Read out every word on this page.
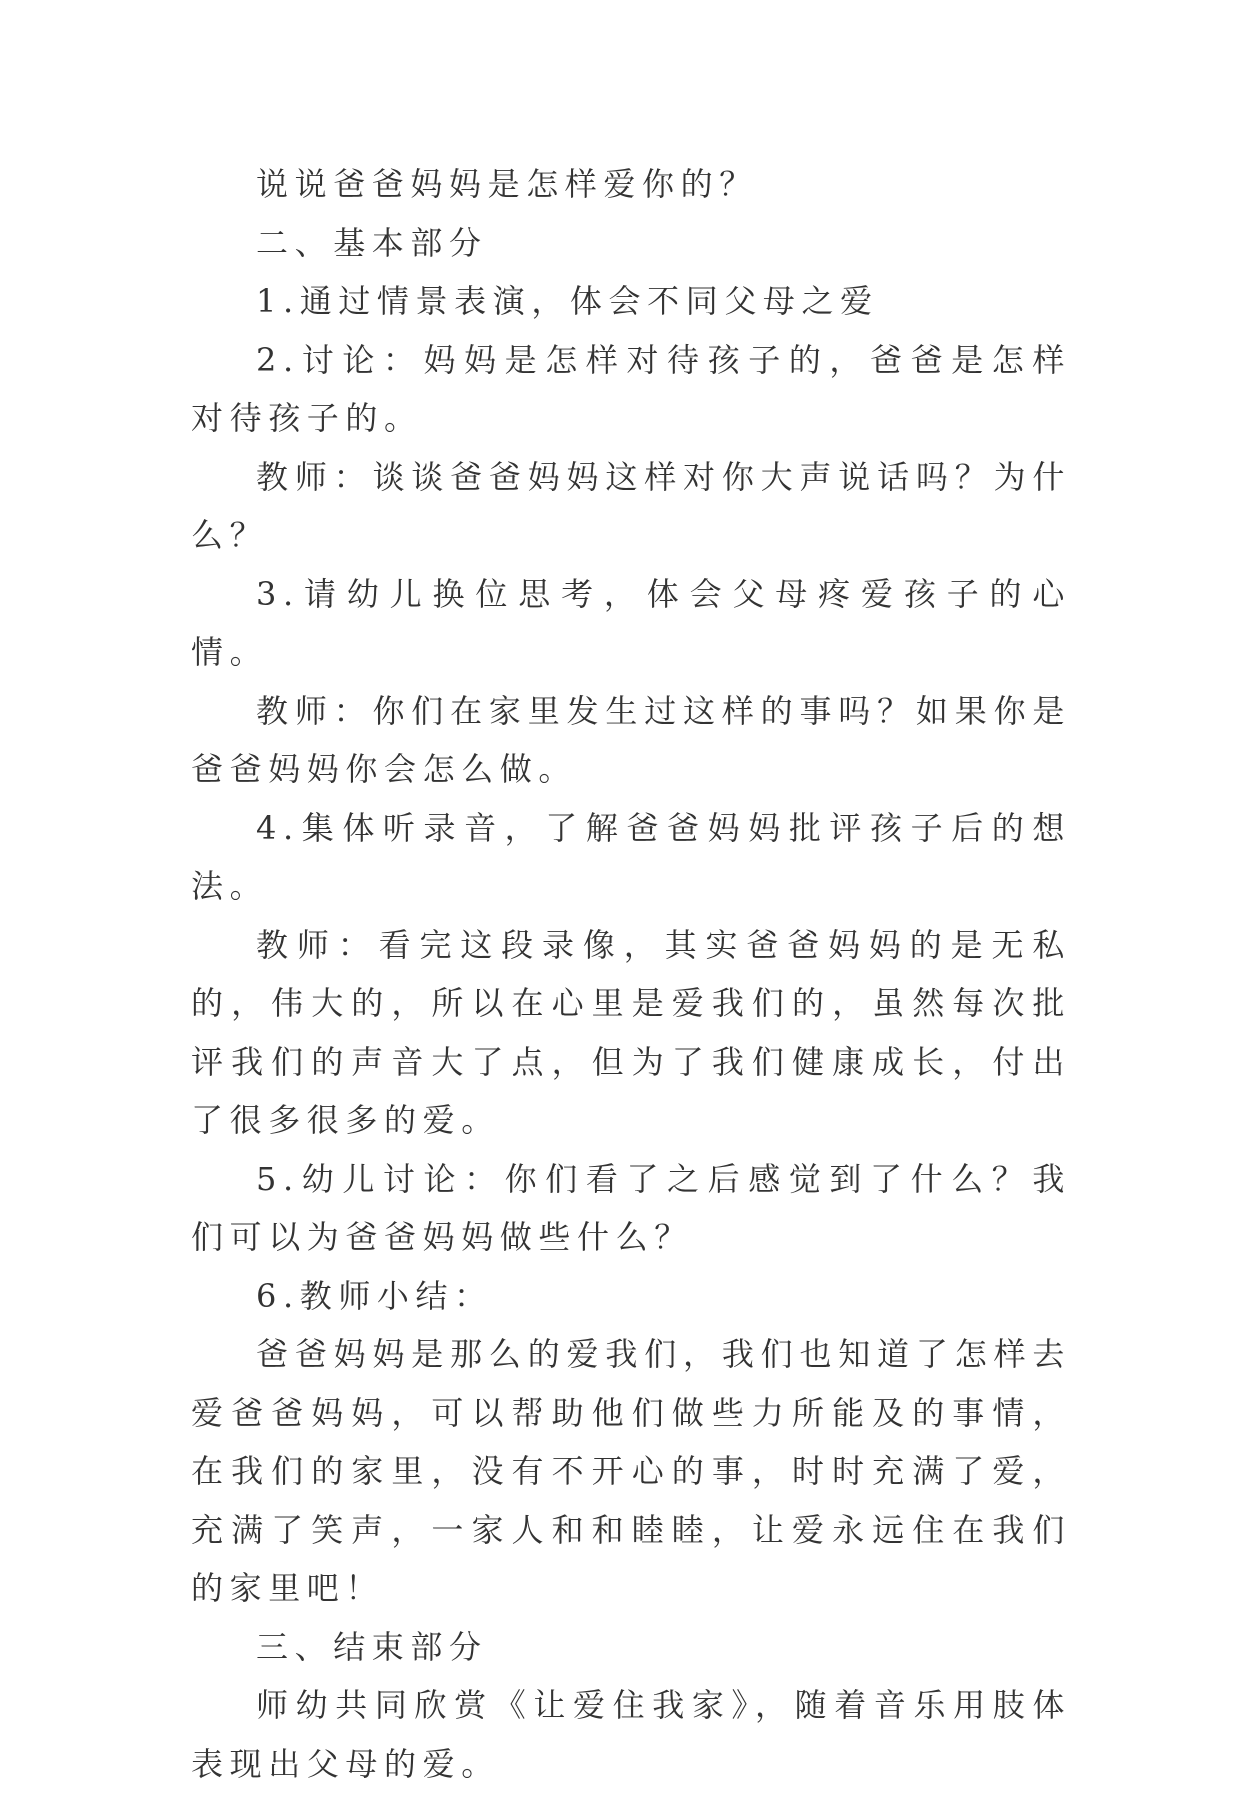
说说爸爸妈妈是怎样爱你的？

二、基本部分

1.通过情景表演，体会不同父母之爱

2.讨论：妈妈是怎样对待孩子的，爸爸是怎样对待孩子的。

教师：谈谈爸爸妈妈这样对你大声说话吗？为什么？

3.请幼儿换位思考，体会父母疼爱孩子的心情。

教师：你们在家里发生过这样的事吗？如果你是爸爸妈妈你会怎么做。

4.集体听录音，了解爸爸妈妈批评孩子后的想法。

教师：看完这段录像，其实爸爸妈妈的是无私的，伟大的，所以在心里是爱我们的，虽然每次批评我们的声音大了点，但为了我们健康成长，付出了很多很多的爱。

5.幼儿讨论：你们看了之后感觉到了什么？我们可以为爸爸妈妈做些什么？

6.教师小结：

爸爸妈妈是那么的爱我们，我们也知道了怎样去爱爸爸妈妈，可以帮助他们做些力所能及的事情，在我们的家里，没有不开心的事，时时充满了爱，充满了笑声，一家人和和睦睦，让爱永远住在我们的家里吧！

三、结束部分

师幼共同欣赏《让爱住我家》，随着音乐用肢体表现出父母的爱。
